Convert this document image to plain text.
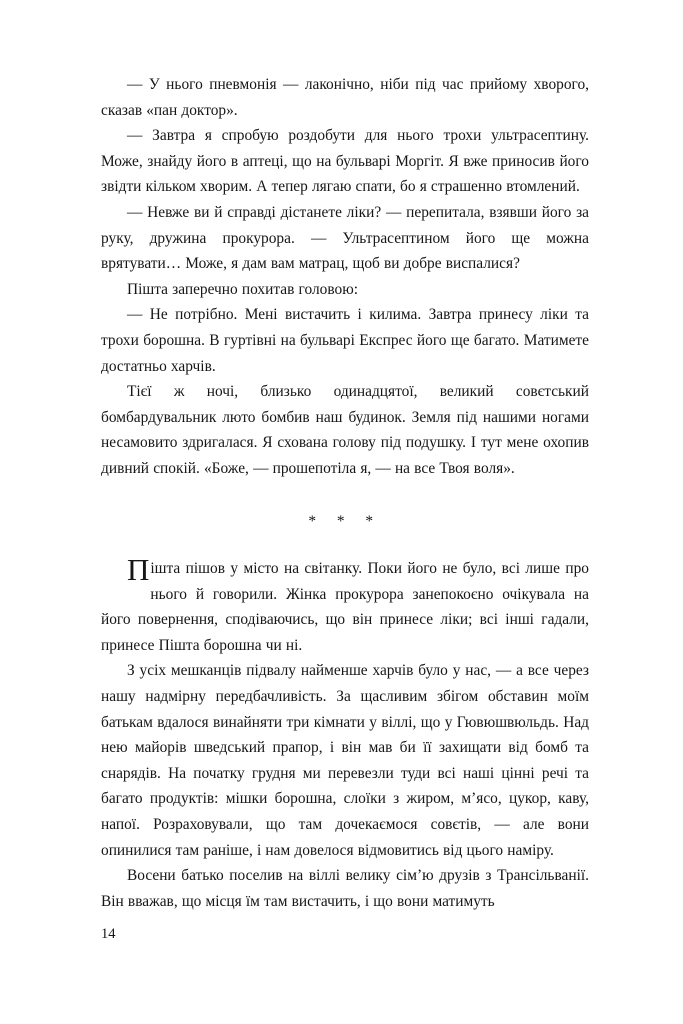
— У нього пневмонія — лаконічно, ніби під час прийому хворого, сказав «пан доктор».

— Завтра я спробую роздобути для нього трохи ультрасептину. Може, знайду його в аптеці, що на бульварі Моргіт. Я вже приносив його звідти кільком хворим. А тепер лягаю спати, бо я страшенно втомлений.

— Невже ви й справді дістанете ліки? — перепитала, взявши його за руку, дружина прокурора. — Ультрасептином його ще можна врятувати… Може, я дам вам матрац, щоб ви добре виспалися?

Пішта заперечно похитав головою:

— Не потрібно. Мені вистачить і килима. Завтра принесу ліки та трохи борошна. В гуртівні на бульварі Експрес його ще багато. Матимете достатньо харчів.

Тієї ж ночі, близько одинадцятої, великий совєтський бомбардувальник люто бомбив наш будинок. Земля під нашими ногами несамовито здригалася. Я схована голову під подушку. І тут мене охопив дивний спокій. «Боже, — прошепотіла я, — на все Твоя воля».

* * *

Пішта пішов у місто на світанку. Поки його не було, всі лише про нього й говорили. Жінка прокурора занепокоєно очікувала на його повернення, сподіваючись, що він принесе ліки; всі інші гадали, принесе Пішта борошна чи ні.

З усіх мешканців підвалу найменше харчів було у нас, — а все через нашу надмірну передбачливість. За щасливим збігом обставин моїм батькам вдалося винайняти три кімнати у віллі, що у Гювюшвюльдь. Над нею майорів шведський прапор, і він мав би її захищати від бомб та снарядів. На початку грудня ми перевезли туди всі наші цінні речі та багато продуктів: мішки борошна, слоїки з жиром, м’ясо, цукор, каву, напої. Розраховували, що там дочекаємося совєтів, — але вони опинилися там раніше, і нам довелося відмовитись від цього наміру.

Восени батько поселив на віллі велику сім’ю друзів з Трансільванії. Він вважав, що місця їм там вистачить, і що вони матимуть

14
